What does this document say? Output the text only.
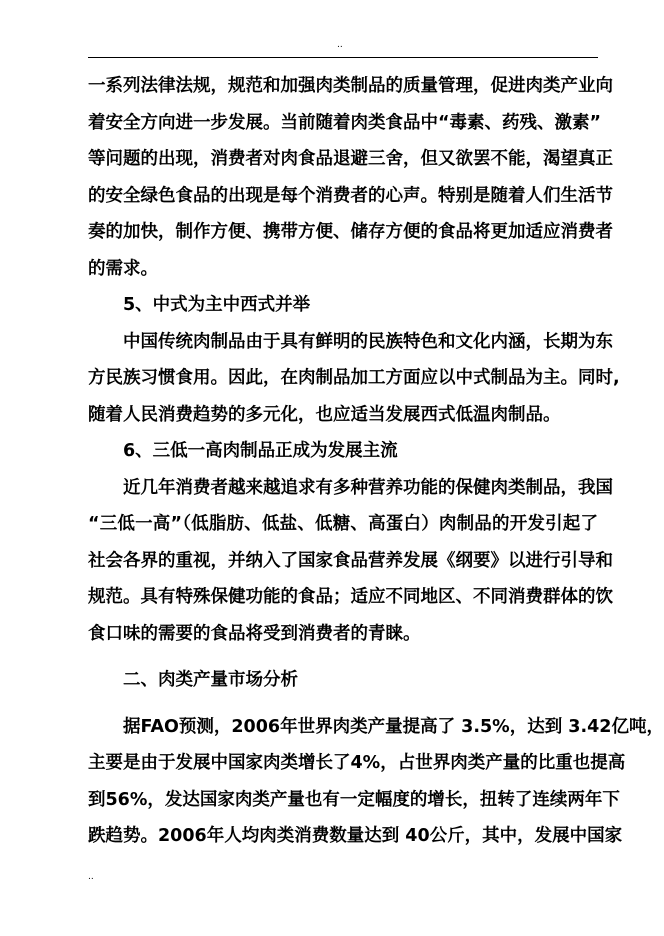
..
一系列法律法规，规范和加强肉类制品的质量管理，促进肉类产业向
着安全方向进一步发展。当前随着肉类食品中“毒素、药残、激素”
等问题的出现，消费者对肉食品退避三舍，但又欲罢不能，渴望真正
的安全绿色食品的出现是每个消费者的心声。特别是随着人们生活节
奏的加快，制作方便、携带方便、储存方便的食品将更加适应消费者
的需求。
5、中式为主中西式并举
中国传统肉制品由于具有鲜明的民族特色和文化内涵，长期为东
方民族习惯食用。因此，在肉制品加工方面应以中式制品为主。同时,
随着人民消费趋势的多元化，也应适当发展西式低温肉制品。
6、三低一高肉制品正成为发展主流
近几年消费者越来越追求有多种营养功能的保健肉类制品，我国
“三低一高”（低脂肪、低盐、低糖、高蛋白）肉制品的开发引起了
社会各界的重视，并纳入了国家食品营养发展《纲要》以进行引导和
规范。具有特殊保健功能的食品；适应不同地区、不同消费群体的饮
食口味的需要的食品将受到消费者的青睐。
二、肉类产量市场分析
据FAO预测，2006年世界肉类产量提高了 3.5%，达到 3.42亿吨，
主要是由于发展中国家肉类增长了4%，占世界肉类产量的比重也提高
到56%，发达国家肉类产量也有一定幅度的增长，扭转了连续两年下
跌趋势。2006年人均肉类消费数量达到 40公斤，其中，发展中国家
..
